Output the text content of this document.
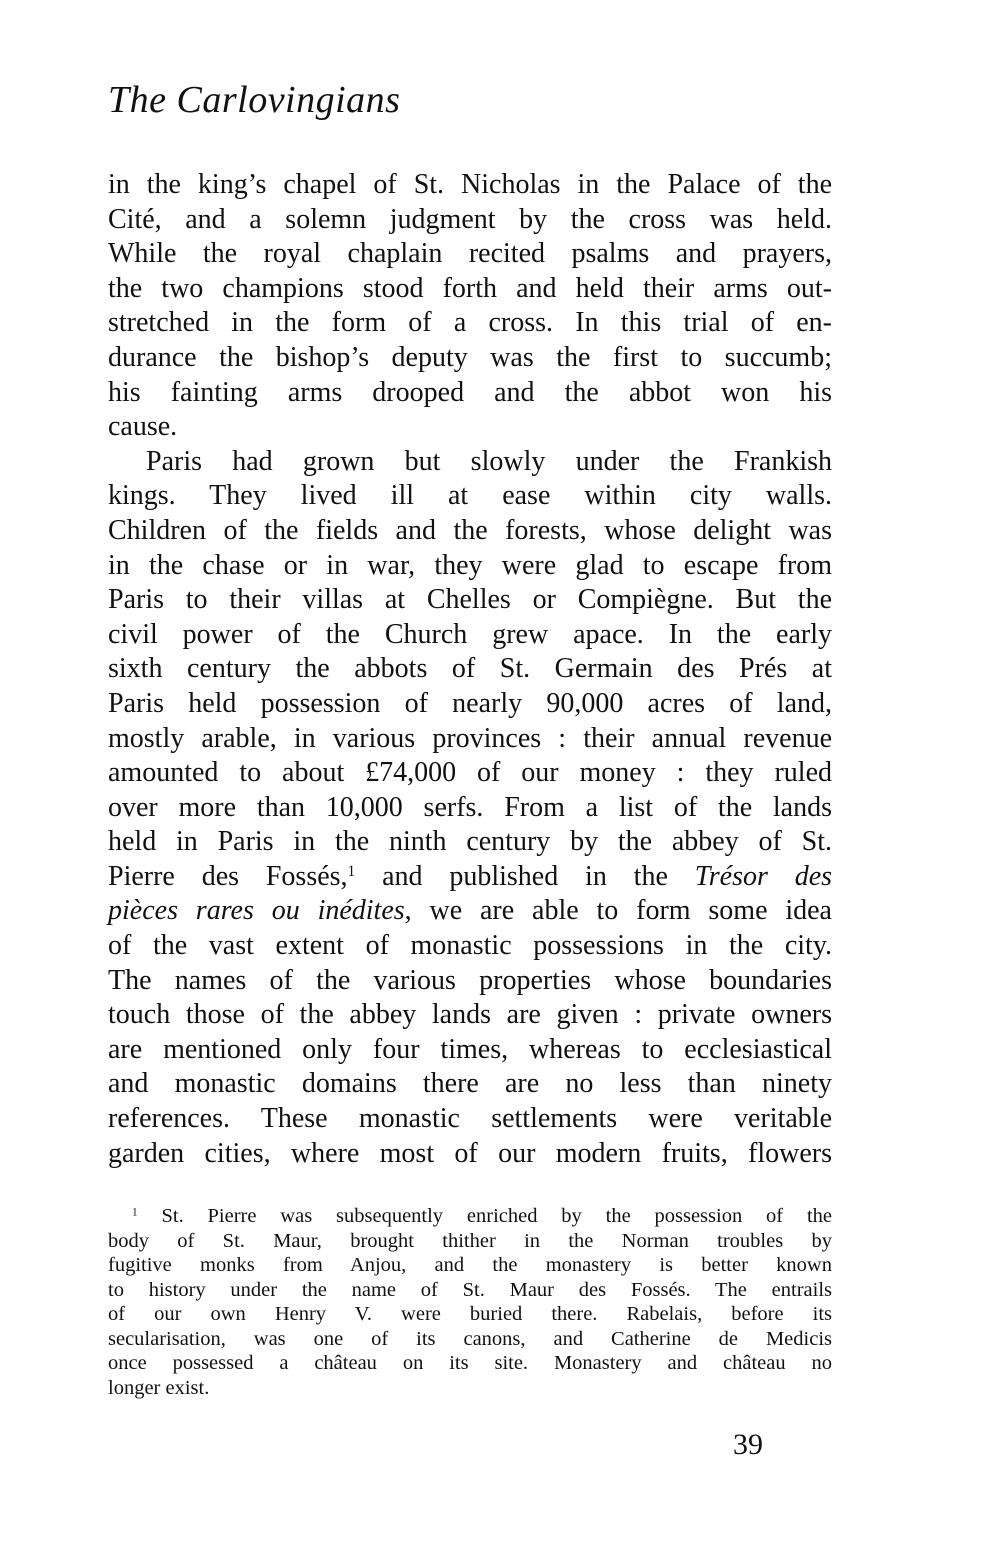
The Carlovingians
in the king’s chapel of St. Nicholas in the Palace of the
Cité, and a solemn judgment by the cross was held.
While the royal chaplain recited psalms and prayers,
the two champions stood forth and held their arms out-
stretched in the form of a cross. In this trial of en-
durance the bishop’s deputy was the first to succumb;
his fainting arms drooped and the abbot won his
cause.
Paris had grown but slowly under the Frankish
kings. They lived ill at ease within city walls.
Children of the fields and the forests, whose delight was
in the chase or in war, they were glad to escape from
Paris to their villas at Chelles or Compiègne. But the
civil power of the Church grew apace. In the early
sixth century the abbots of St. Germain des Prés at
Paris held possession of nearly 90,000 acres of land,
mostly arable, in various provinces : their annual revenue
amounted to about £74,000 of our money : they ruled
over more than 10,000 serfs. From a list of the lands
held in Paris in the ninth century by the abbey of St.
Pierre des Fossés,$^1$ and published in the Trésor des
pièces rares ou inédites, we are able to form some idea
of the vast extent of monastic possessions in the city.
The names of the various properties whose boundaries
touch those of the abbey lands are given : private owners
are mentioned only four times, whereas to ecclesiastical
and monastic domains there are no less than ninety
references. These monastic settlements were veritable
garden cities, where most of our modern fruits, flowers
$^1$ St. Pierre was subsequently enriched by the possession of the
body of St. Maur, brought thither in the Norman troubles by
fugitive monks from Anjou, and the monastery is better known
to history under the name of St. Maur des Fossés. The entrails
of our own Henry V. were buried there. Rabelais, before its
secularisation, was one of its canons, and Catherine de Medicis
once possessed a château on its site. Monastery and château no
longer exist.
39
